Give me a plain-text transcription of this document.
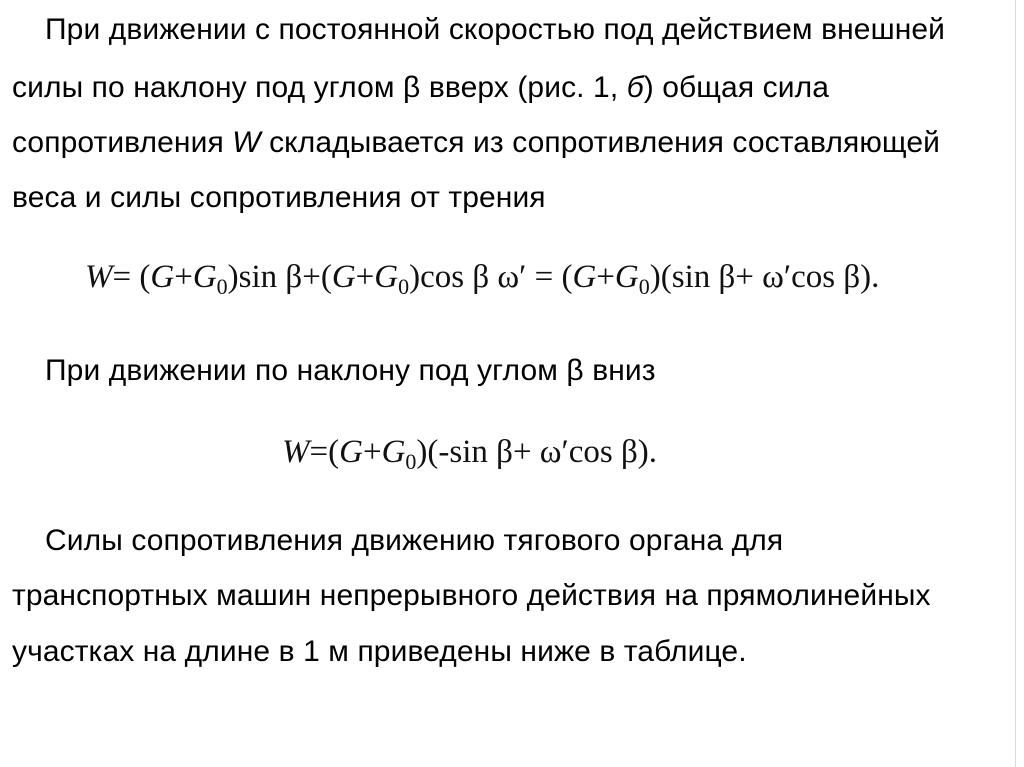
При движении с постоянной скоростью под действием внешней
силы по наклону под углом β вверх (рис. 1, б) общая сила
сопротивления W складывается из сопротивления составляющей
веса и силы сопротивления от трения
$W= (G+G_0)\sin$ $\beta+(G+G_0)\cos$ β $\omega' = (G+G_0)(\sin$ β+ ω′cos β).
При движении по наклону под углом β вниз
$W=(G+G_0)(-\sin$ β+ ω′cos β).
Силы сопротивления движению тягового органа для
транспортных машин непрерывного действия на прямолинейных
участках на длине в 1 м приведены ниже в таблице.
